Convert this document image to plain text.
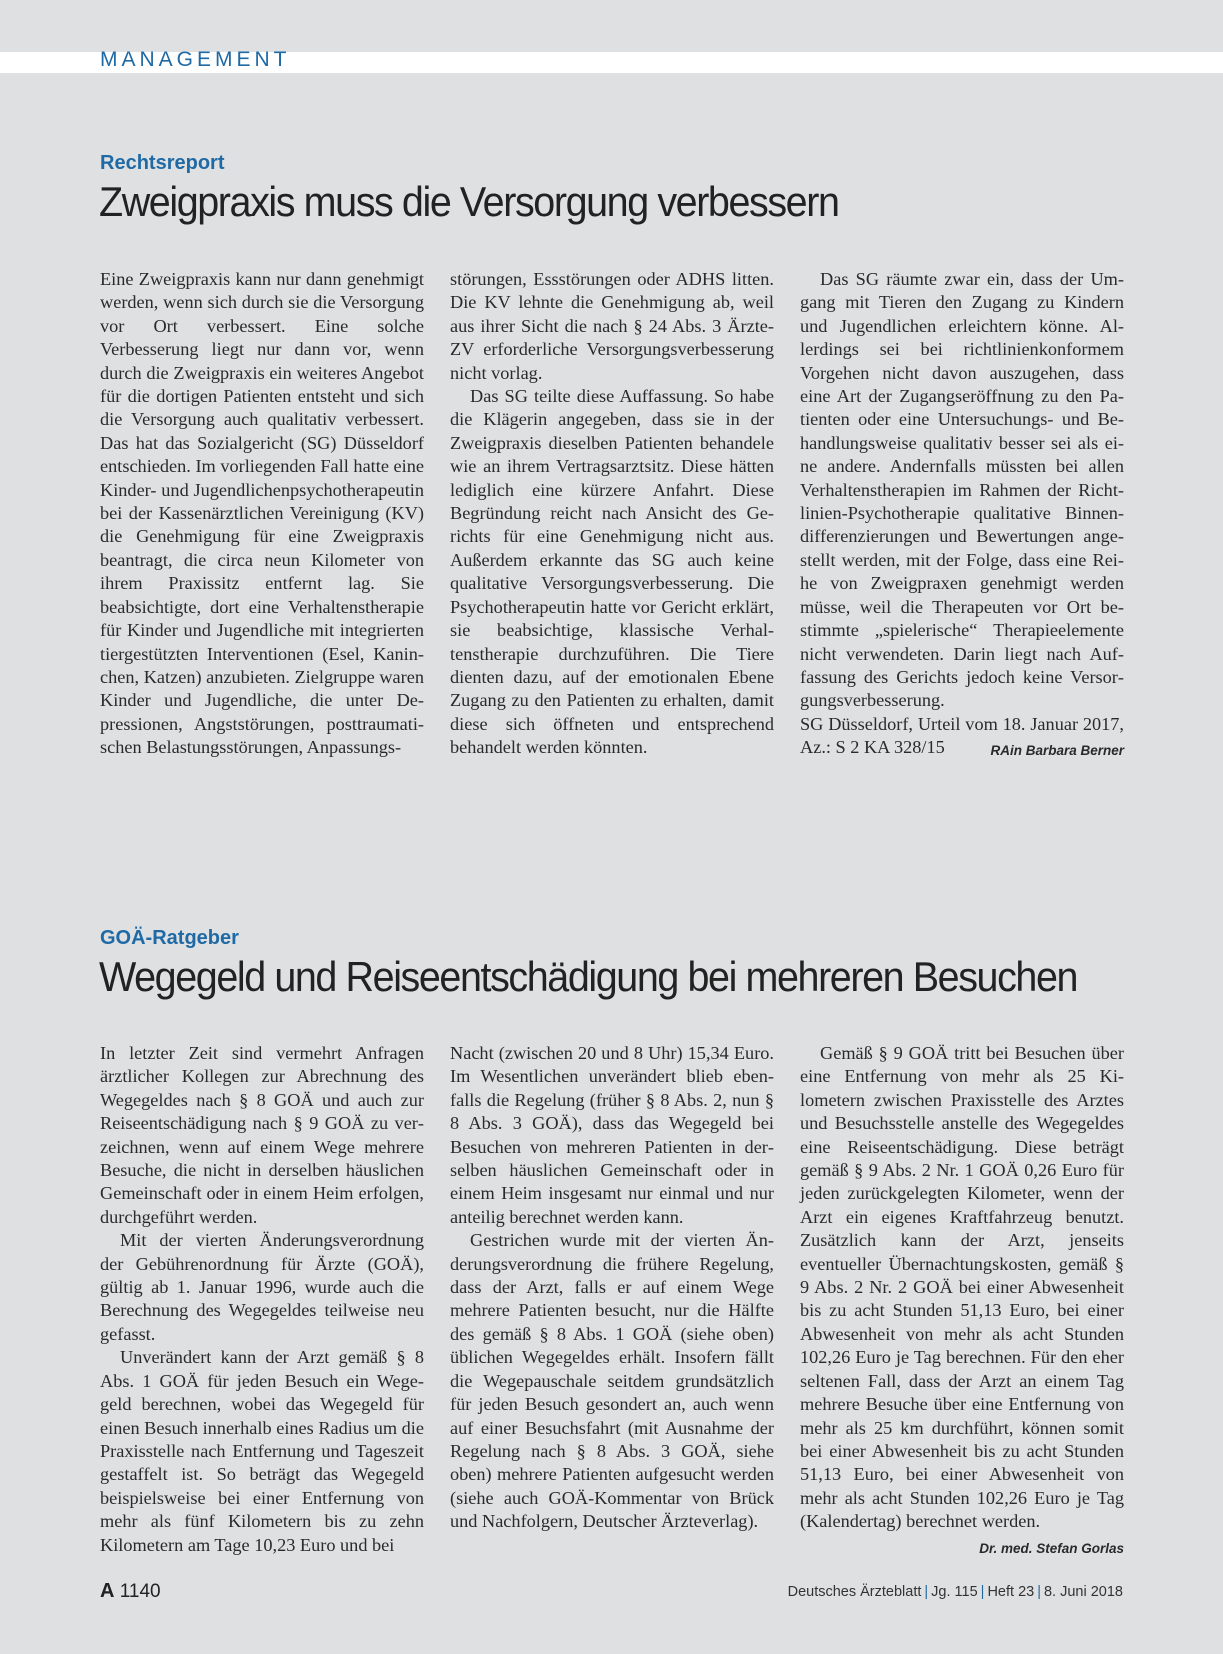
MANAGEMENT
Rechtsreport
Zweigpraxis muss die Versorgung verbessern

Eine Zweigpraxis kann nur dann genehmigt werden, wenn sich durch sie die Versorgung vor Ort verbessert. Eine solche Verbesserung liegt nur dann vor, wenn durch die Zweigpraxis ein weiteres Angebot für die dortigen Patienten entsteht und sich die Versorgung auch qualitativ verbessert. Das hat das Sozialgericht (SG) Düsseldorf entschieden. Im vorliegenden Fall hatte eine Kinder- und Jugendlichenpsychotherapeutin bei der Kassenärztlichen Vereinigung (KV) die Genehmigung für eine Zweigpraxis beantragt, die circa neun Kilometer von ihrem Praxissitz entfernt lag. Sie beabsichtigte, dort eine Verhaltenstherapie für Kinder und Jugendliche mit integrierten tiergestützten Interventionen (Esel, Kaninchen, Katzen) anzubieten. Zielgruppe waren Kinder und Jugendliche, die unter Depressionen, Angststörungen, posttraumatischen Belastungsstörungen, Anpassungs-

störungen, Essstörungen oder ADHS litten. Die KV lehnte die Genehmigung ab, weil aus ihrer Sicht die nach § 24 Abs. 3 Ärzte-ZV erforderliche Versorgungsverbesserung nicht vorlag.

Das SG teilte diese Auffassung. So habe die Klägerin angegeben, dass sie in der Zweigpraxis dieselben Patienten behandele wie an ihrem Vertragsarztsitz. Diese hätten lediglich eine kürzere Anfahrt. Diese Begründung reicht nach Ansicht des Gerichts für eine Genehmigung nicht aus. Außerdem erkannte das SG auch keine qualitative Versorgungsverbesserung. Die Psychotherapeutin hatte vor Gericht erklärt, sie beabsichtige, klassische Verhaltenstherapie durchzuführen. Die Tiere dienten dazu, auf der emotionalen Ebene Zugang zu den Patienten zu erhalten, damit diese sich öffneten und entsprechend behandelt werden könnten.

Das SG räumte zwar ein, dass der Umgang mit Tieren den Zugang zu Kindern und Jugendlichen erleichtern könne. Allerdings sei bei richtlinienkonformem Vorgehen nicht davon auszugehen, dass eine Art der Zugangseröffnung zu den Patienten oder eine Untersuchungs- und Behandlungsweise qualitativ besser sei als eine andere. Andernfalls müssten bei allen Verhaltenstherapien im Rahmen der Richtlinien-Psychotherapie qualitative Binnendifferenzierungen und Bewertungen angestellt werden, mit der Folge, dass eine Reihe von Zweigpraxen genehmigt werden müsse, weil die Therapeuten vor Ort bestimmte „spielerische“ Therapieelemente nicht verwendeten. Darin liegt nach Auffassung des Gerichts jedoch keine Versorgungsverbesserung.

SG Düsseldorf, Urteil vom 18. Januar 2017, Az.: S 2 KA 328/15	RAin Barbara Berner

GOÄ-Ratgeber
Wegegeld und Reiseentschädigung bei mehreren Besuchen

In letzter Zeit sind vermehrt Anfragen ärztlicher Kollegen zur Abrechnung des Wegegeldes nach § 8 GOÄ und auch zur Reiseentschädigung nach § 9 GOÄ zu verzeichnen, wenn auf einem Wege mehrere Besuche, die nicht in derselben häuslichen Gemeinschaft oder in einem Heim erfolgen, durchgeführt werden.

Mit der vierten Änderungsverordnung der Gebührenordnung für Ärzte (GOÄ), gültig ab 1. Januar 1996, wurde auch die Berechnung des Wegegeldes teilweise neu gefasst.

Unverändert kann der Arzt gemäß § 8 Abs. 1 GOÄ für jeden Besuch ein Wegegeld berechnen, wobei das Wegegeld für einen Besuch innerhalb eines Radius um die Praxisstelle nach Entfernung und Tageszeit gestaffelt ist. So beträgt das Wegegeld beispielsweise bei einer Entfernung von mehr als fünf Kilometern bis zu zehn Kilometern am Tage 10,23 Euro und bei

Nacht (zwischen 20 und 8 Uhr) 15,34 Euro. Im Wesentlichen unverändert blieb ebenfalls die Regelung (früher § 8 Abs. 2, nun § 8 Abs. 3 GOÄ), dass das Wegegeld bei Besuchen von mehreren Patienten in derselben häuslichen Gemeinschaft oder in einem Heim insgesamt nur einmal und nur anteilig berechnet werden kann.

Gestrichen wurde mit der vierten Änderungsverordnung die frühere Regelung, dass der Arzt, falls er auf einem Wege mehrere Patienten besucht, nur die Hälfte des gemäß § 8 Abs. 1 GOÄ (siehe oben) üblichen Wegegeldes erhält. Insofern fällt die Wegepauschale seitdem grundsätzlich für jeden Besuch gesondert an, auch wenn auf einer Besuchsfahrt (mit Ausnahme der Regelung nach § 8 Abs. 3 GOÄ, siehe oben) mehrere Patienten aufgesucht werden (siehe auch GOÄ-Kommentar von Brück und Nachfolgern, Deutscher Ärzteverlag).

Gemäß § 9 GOÄ tritt bei Besuchen über eine Entfernung von mehr als 25 Kilometern zwischen Praxisstelle des Arztes und Besuchsstelle anstelle des Wegegeldes eine Reiseentschädigung. Diese beträgt gemäß § 9 Abs. 2 Nr. 1 GOÄ 0,26 Euro für jeden zurückgelegten Kilometer, wenn der Arzt ein eigenes Kraftfahrzeug benutzt. Zusätzlich kann der Arzt, jenseits eventueller Übernachtungskosten, gemäß § 9 Abs. 2 Nr. 2 GOÄ bei einer Abwesenheit bis zu acht Stunden 51,13 Euro, bei einer Abwesenheit von mehr als acht Stunden 102,26 Euro je Tag berechnen. Für den eher seltenen Fall, dass der Arzt an einem Tag mehrere Besuche über eine Entfernung von mehr als 25 km durchführt, können somit bei einer Abwesenheit bis zu acht Stunden 51,13 Euro, bei einer Abwesenheit von mehr als acht Stunden 102,26 Euro je Tag (Kalendertag) berechnet werden.
Dr. med. Stefan Gorlas

A 1140	Deutsches Ärzteblatt | Jg. 115 | Heft 23 | 8. Juni 2018
